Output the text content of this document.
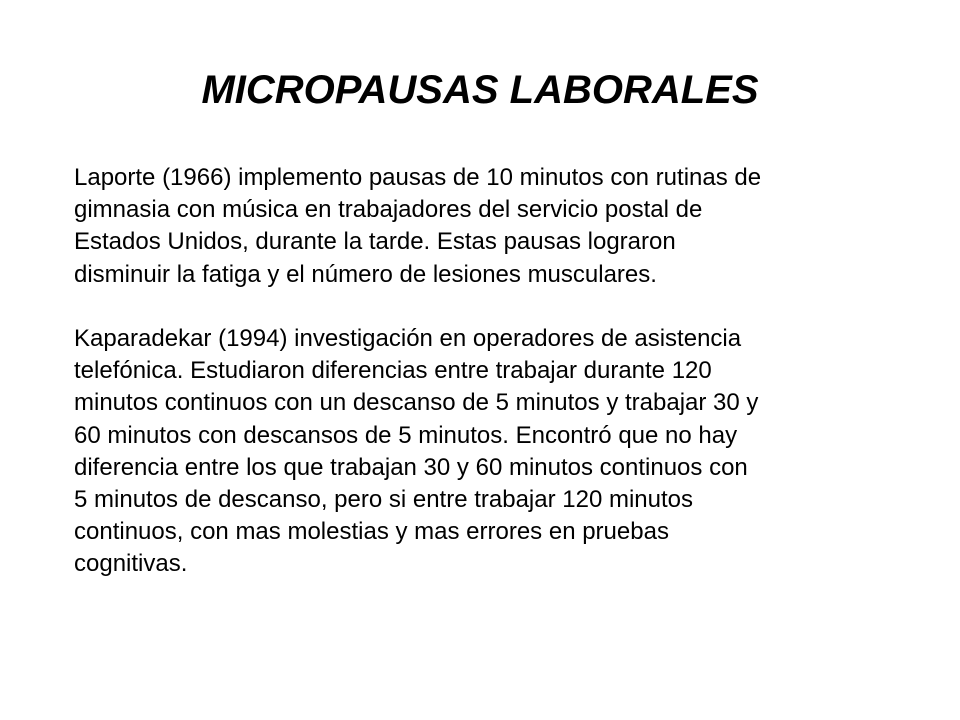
MICROPAUSAS LABORALES

Laporte (1966) implemento pausas de 10 minutos con rutinas de
gimnasia con música en trabajadores del servicio postal de
Estados Unidos, durante la tarde. Estas pausas lograron
disminuir la fatiga y el número de lesiones musculares.

Kaparadekar (1994) investigación en operadores de asistencia
telefónica. Estudiaron diferencias entre trabajar durante 120
minutos continuos con un descanso de 5 minutos y trabajar 30 y
60 minutos con descansos de 5 minutos. Encontró que no hay
diferencia entre los que trabajan 30 y 60 minutos continuos con
5 minutos de descanso, pero si entre trabajar 120 minutos
continuos, con mas molestias y mas errores en pruebas
cognitivas.
